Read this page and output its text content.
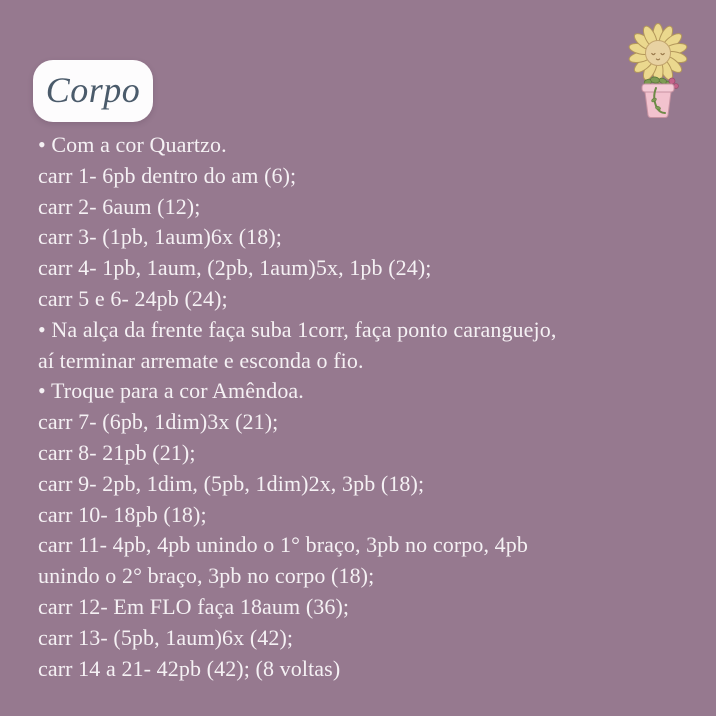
Corpo
• Com a cor Quartzo.
carr 1- 6pb dentro do am (6);
carr 2- 6aum (12);
carr 3- (1pb, 1aum)6x (18);
carr 4- 1pb, 1aum, (2pb, 1aum)5x, 1pb (24);
carr 5 e 6- 24pb (24);
• Na alça da frente faça suba 1corr, faça ponto caranguejo,
aí terminar arremate e esconda o fio.
• Troque para a cor Amêndoa.
carr 7- (6pb, 1dim)3x (21);
carr 8- 21pb (21);
carr 9- 2pb, 1dim, (5pb, 1dim)2x, 3pb (18);
carr 10- 18pb (18);
carr 11- 4pb, 4pb unindo o 1° braço, 3pb no corpo, 4pb
unindo o 2° braço, 3pb no corpo (18);
carr 12- Em FLO faça 18aum (36);
carr 13- (5pb, 1aum)6x (42);
carr 14 a 21- 42pb (42); (8 voltas)
